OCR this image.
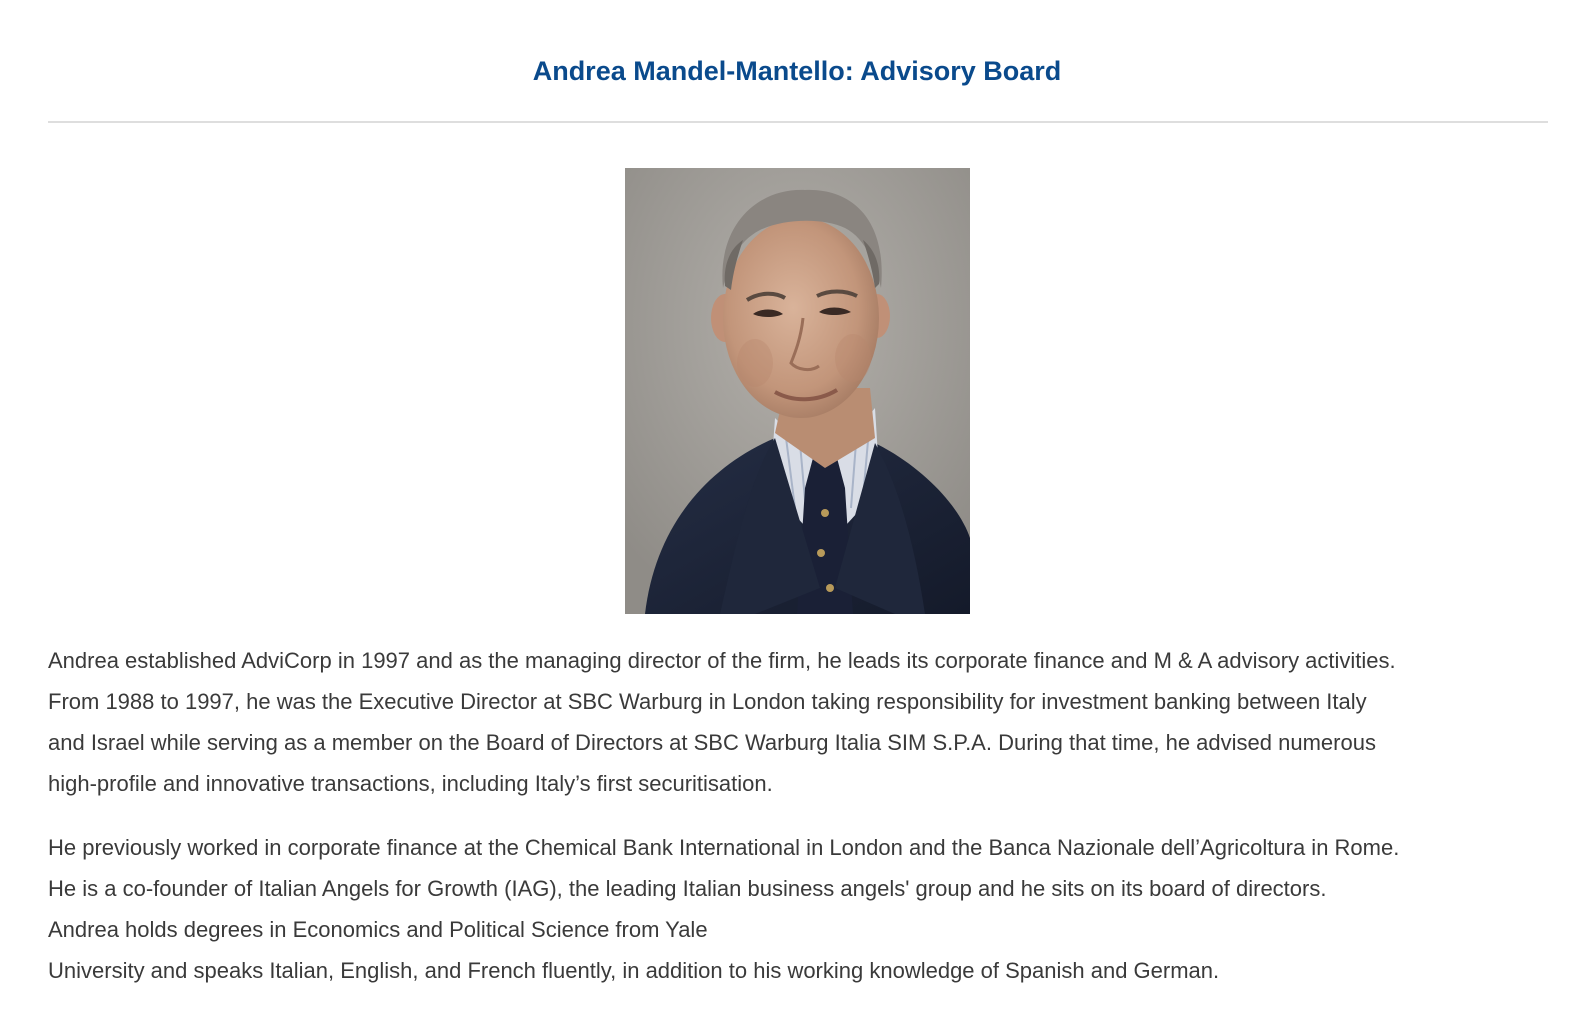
Andrea Mandel-Mantello: Advisory Board

Andrea established AdviCorp in 1997 and as the managing director of the firm, he leads its corporate finance and M & A advisory activities.
From 1988 to 1997, he was the Executive Director at SBC Warburg in London taking responsibility for investment banking between Italy
and Israel while serving as a member on the Board of Directors at SBC Warburg Italia SIM S.P.A. During that time, he advised numerous
high-profile and innovative transactions, including Italy’s first securitisation.

He previously worked in corporate finance at the Chemical Bank International in London and the Banca Nazionale dell’Agricoltura in Rome.
He is a co-founder of Italian Angels for Growth (IAG), the leading Italian business angels' group and he sits on its board of directors.
Andrea holds degrees in Economics and Political Science from Yale
University and speaks Italian, English, and French fluently, in addition to his working knowledge of Spanish and German.
